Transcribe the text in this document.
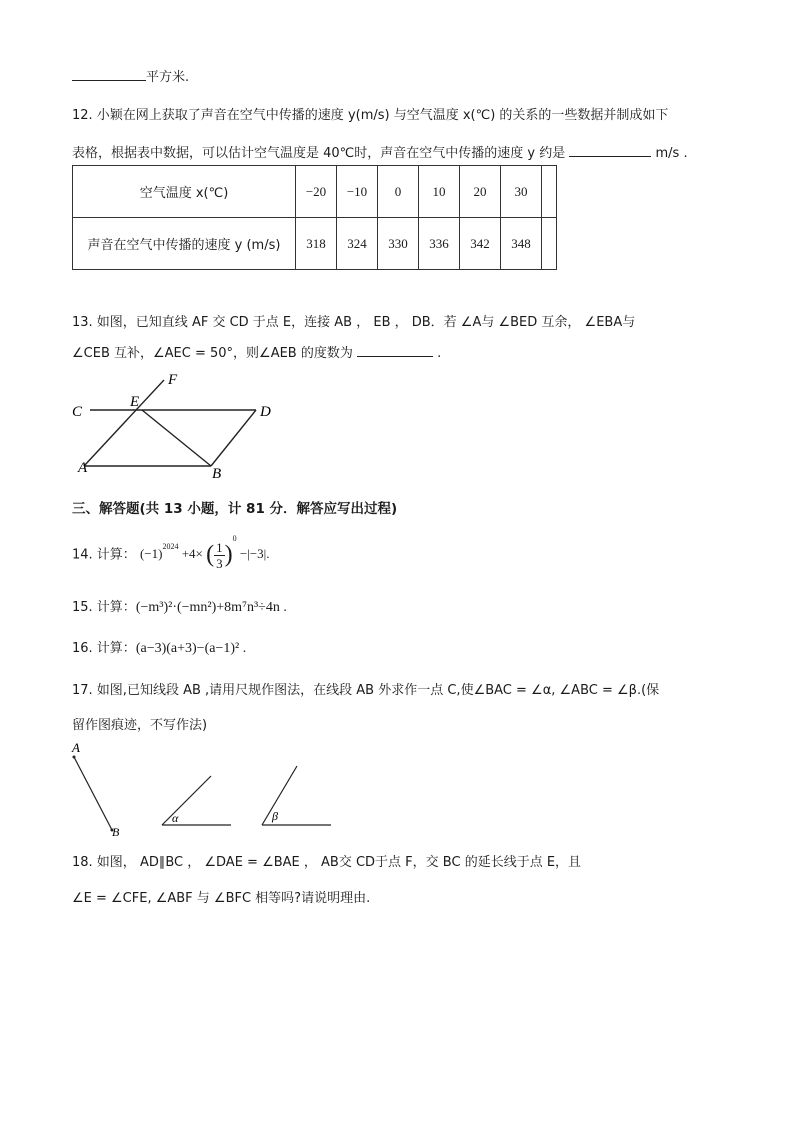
平方米.
12. 小颖在网上获取了声音在空气中传播的速度 y(m/s) 与空气温度 x(℃) 的关系的一些数据并制成如下
表格，根据表中数据，可以估计空气温度是 40℃时，声音在空气中传播的速度 y 约是	m/s .
空气温度 x(℃)	−20	−10	0	10	20	30	
声音在空气中传播的速度 y (m/s)	318	324	330	336	342	348	
13. 如图，已知直线 AF 交 CD 于点 E，连接 AB ， EB ， DB．若 ∠A与 ∠BED 互余， ∠EBA与
∠CEB 互补，∠AEC = 50°，则∠AEB 的度数为	.
C
E
F
D
A	B
三、解答题(共 13 小题，计 81 分．解答应写出过程)
14. 计算： $(-1)^{2024} +4\times$ ( $\frac{1}{3} )^0 -|-3|$.
15. 计算：(−m³)²·(−mn²)+8m⁷n³÷4n .
16. 计算：(a−3)(a+3)−(a−1)² .
17. 如图,已知线段 AB ,请用尺规作图法，在线段 AB 外求作一点 C,使∠BAC = ∠α, ∠ABC = ∠β.(保
留作图痕迹，不写作法)
A
B
α	β
18. 如图， AD∥BC ， ∠DAE = ∠BAE ， AB交 CD于点 F，交 BC 的延长线于点 E，且
∠E = ∠CFE, ∠ABF 与 ∠BFC 相等吗?请说明理由.
